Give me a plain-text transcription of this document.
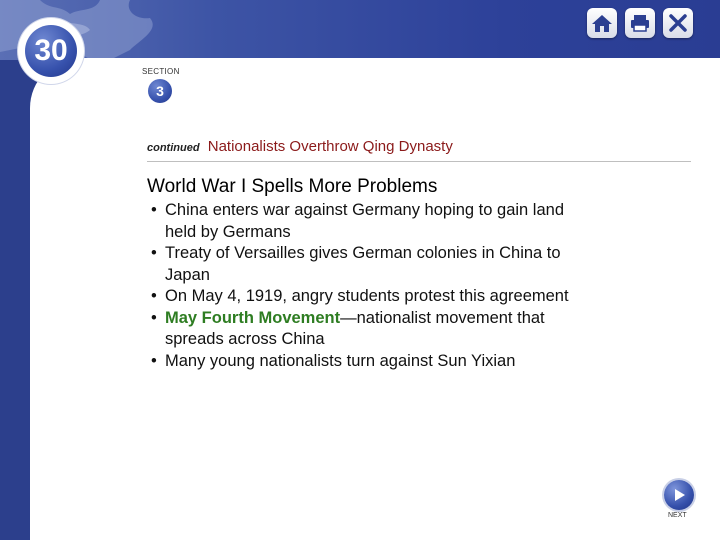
30
SECTION
3
continued Nationalists Overthrow Qing Dynasty
World War I Spells More Problems
• China enters war against Germany hoping to gain land held by Germans
• Treaty of Versailles gives German colonies in China to Japan
• On May 4, 1919, angry students protest this agreement
• May Fourth Movement—nationalist movement that spreads across China
• Many young nationalists turn against Sun Yixian
NEXT
